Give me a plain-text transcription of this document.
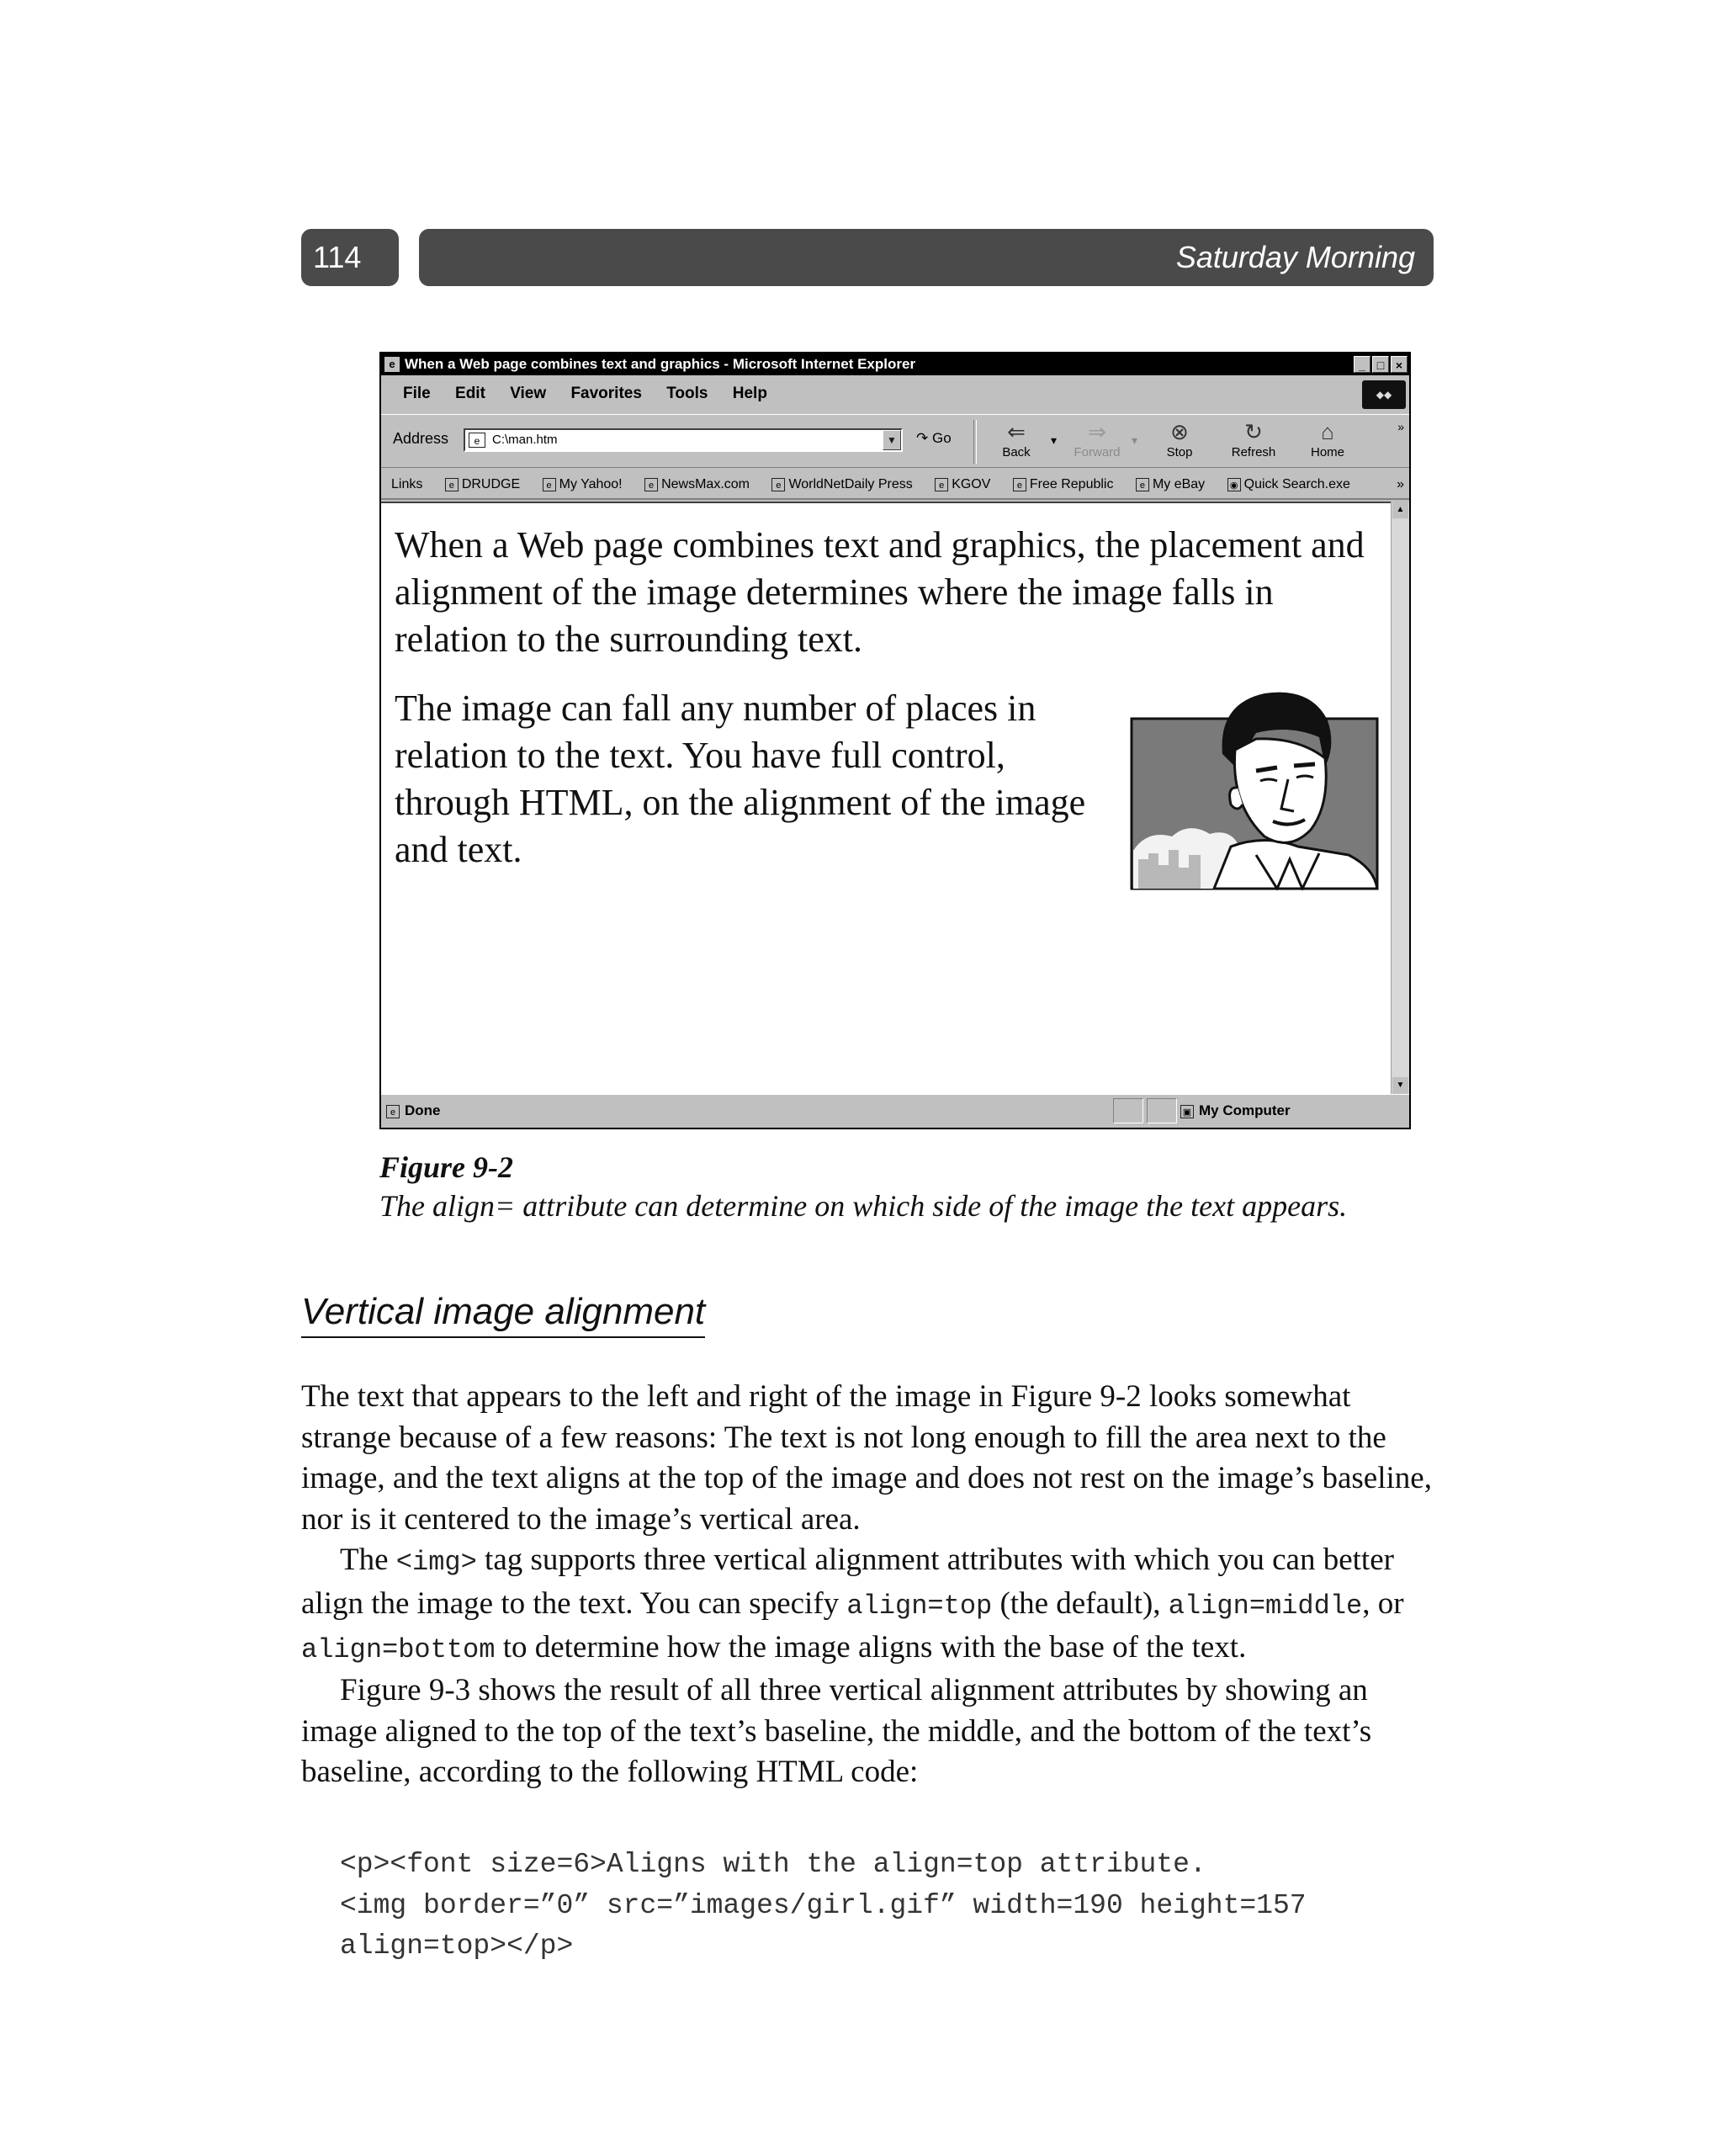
114	Saturday Morning
e When a Web page combines text and graphics - Microsoft Internet Explorer	_ □ ×
File Edit View Favorites Tools Help	◆◆
Address	e C:\man.htm	▼ ↷ Go	⇐
Back
▾	⇒
Forward
▾	⊗
Stop
↻
Refresh
⌂
Home
»
Links	e DRUDGE	e My Yahoo!	e NewsMax.com	e WorldNetDaily Press	e KGOV	e Free Republic	e My eBay	◉ Quick Search.exe	»

When a Web page combines text and graphics, the placement and alignment of the image determines where the image falls in relation to the surrounding text.

The image can fall any number of places in relation to the text. You have full control, through HTML, on the alignment of the image and text.

▲
▼
e Done	▣ My Computer
Figure 9-2
The align= attribute can determine on which side of the image the text appears.
Vertical image alignment

The text that appears to the left and right of the image in Figure 9-2 looks somewhat strange because of a few reasons: The text is not long enough to fill the area next to the image, and the text aligns at the top of the image and does not rest on the image’s baseline, nor is it centered to the image’s vertical area.

The <img> tag supports three vertical alignment attributes with which you can better align the image to the text. You can specify align=top (the default), align=middle, or align=bottom to determine how the image aligns with the base of the text.

Figure 9-3 shows the result of all three vertical alignment attributes by showing an image aligned to the top of the text’s baseline, the middle, and the bottom of the text’s baseline, according to the following HTML code:

<p><font size=6>Aligns with the align=top attribute.
<img border=”0” src=”images/girl.gif” width=190 height=157
align=top></p>
